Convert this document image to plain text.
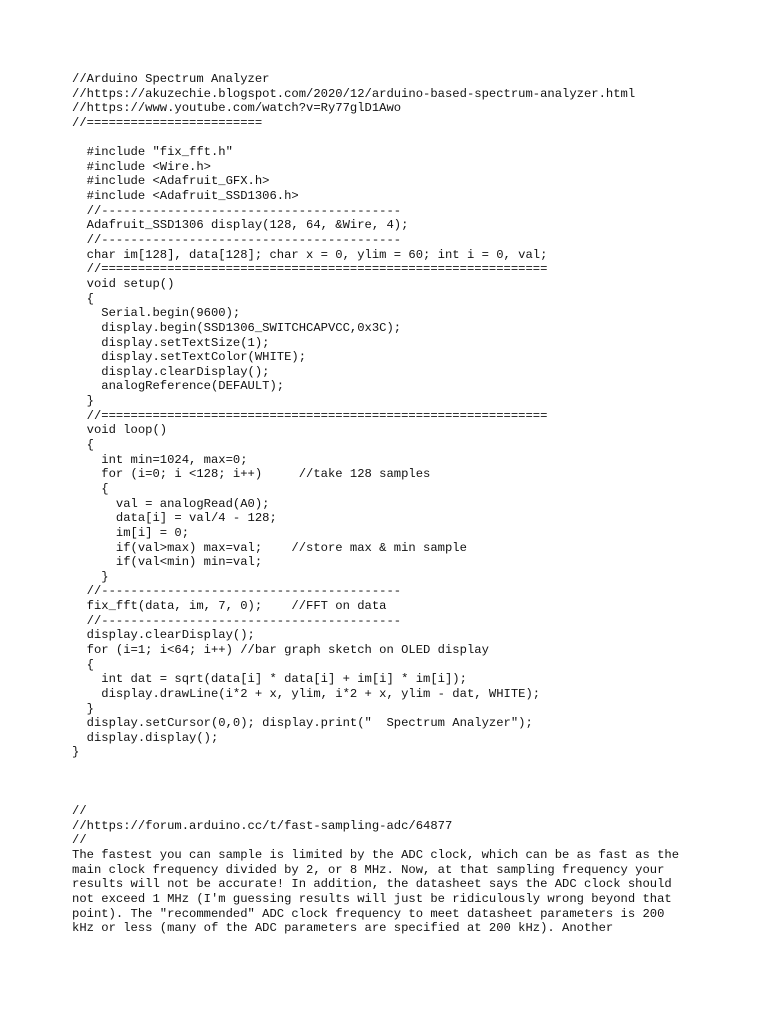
//Arduino Spectrum Analyzer
//https://akuzechie.blogspot.com/2020/12/arduino-based-spectrum-analyzer.html
//https://www.youtube.com/watch?v=Ry77glD1Awo
//========================
#include "fix_fft.h"
#include <Wire.h>
#include <Adafruit_GFX.h>
#include <Adafruit_SSD1306.h>
//-----------------------------------------
Adafruit_SSD1306 display(128, 64, &Wire, 4);
//-----------------------------------------
char im[128], data[128]; char x = 0, ylim = 60; int i = 0, val;
//=============================================================
void setup()
{
Serial.begin(9600);
display.begin(SSD1306_SWITCHCAPVCC,0x3C);
display.setTextSize(1);
display.setTextColor(WHITE);
display.clearDisplay();
analogReference(DEFAULT);
}
//=============================================================
void loop()
{
int min=1024, max=0;
for (i=0; i <128; i++)     //take 128 samples
{
val = analogRead(A0);
data[i] = val/4 - 128;
im[i] = 0;
if(val>max) max=val;    //store max & min sample
if(val<min) min=val;
}
//-----------------------------------------
fix_fft(data, im, 7, 0);    //FFT on data
//-----------------------------------------
display.clearDisplay();
for (i=1; i<64; i++) //bar graph sketch on OLED display
{
int dat = sqrt(data[i] * data[i] + im[i] * im[i]);
display.drawLine(i*2 + x, ylim, i*2 + x, ylim - dat, WHITE);
}
display.setCursor(0,0); display.print("  Spectrum Analyzer");
display.display();
}
//
//https://forum.arduino.cc/t/fast-sampling-adc/64877
//
The fastest you can sample is limited by the ADC clock, which can be as fast as the
main clock frequency divided by 2, or 8 MHz. Now, at that sampling frequency your
results will not be accurate! In addition, the datasheet says the ADC clock should
not exceed 1 MHz (I'm guessing results will just be ridiculously wrong beyond that
point). The "recommended" ADC clock frequency to meet datasheet parameters is 200
kHz or less (many of the ADC parameters are specified at 200 kHz). Another
